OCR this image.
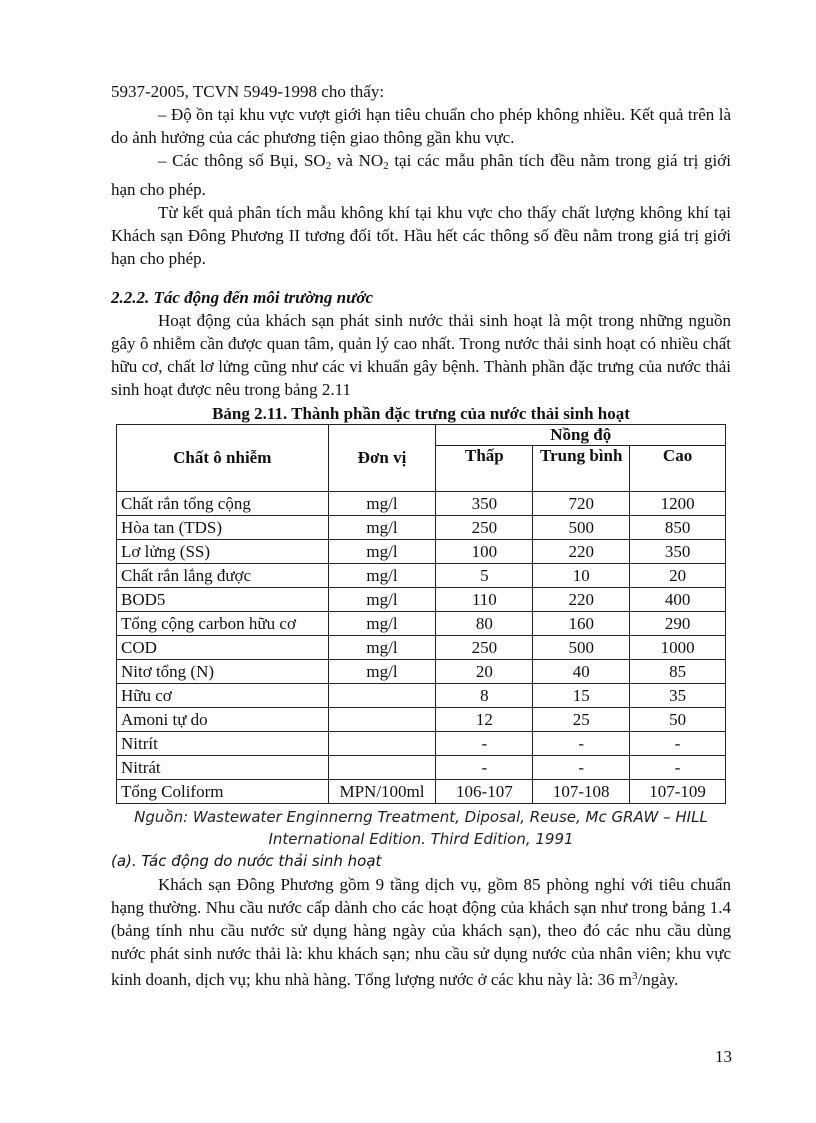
5937-2005, TCVN 5949-1998 cho thấy:

– Độ ồn tại khu vực vượt giới hạn tiêu chuẩn cho phép không nhiều. Kết quả trên là do ảnh hưởng của các phương tiện giao thông gần khu vực.

– Các thông số Bụi, $SO_2$ và $NO_2$ tại các mẫu phân tích đều nằm trong giá trị giới hạn cho phép.

Từ kết quả phân tích mẫu không khí tại khu vực cho thấy chất lượng không khí tại Khách sạn Đông Phương II tương đối tốt. Hầu hết các thông số đều nằm trong giá trị giới hạn cho phép.

2.2.2. Tác động đến môi trường nước

Hoạt động của khách sạn phát sinh nước thải sinh hoạt là một trong những nguồn gây ô nhiễm cần được quan tâm, quản lý cao nhất. Trong nước thải sinh hoạt có nhiều chất hữu cơ, chất lơ lửng cũng như các vi khuẩn gây bệnh. Thành phần đặc trưng của nước thải sinh hoạt được nêu trong bảng 2.11

Bảng 2.11. Thành phần đặc trưng của nước thải sinh hoạt

Chất ô nhiễm	Đơn vị	Nồng độ		
		Thấp	Trung bình	Cao
Chất rắn tổng cộng	mg/l	350	720	1200
Hòa tan (TDS)	mg/l	250	500	850
Lơ lửng (SS)	mg/l	100	220	350
Chất rắn lắng được	mg/l	5	10	20
BOD5	mg/l	110	220	400
Tổng cộng carbon hữu cơ	mg/l	80	160	290
COD	mg/l	250	500	1000
Nitơ tổng (N)	mg/l	20	40	85
Hữu cơ		8	15	35
Amoni tự do		12	25	50
Nitrít		-	-	-
Nitrát		-	-	-
Tổng Coliform	MPN/100ml	106-107	107-108	107-109
Nguồn: Wastewater Enginnerng Treatment, Diposal, Reuse, Mc GRAW – HILL
International Edition. Third Edition, 1991

(a). Tác động do nước thải sinh hoạt

Khách sạn Đông Phương gồm 9 tầng dịch vụ, gồm 85 phòng nghỉ với tiêu chuẩn hạng thường. Nhu cầu nước cấp dành cho các hoạt động của khách sạn như trong bảng 1.4 (bảng tính nhu cầu nước sử dụng hàng ngày của khách sạn), theo đó các nhu cầu dùng nước phát sinh nước thải là: khu khách sạn; nhu cầu sử dụng nước của nhân viên; khu vực kinh doanh, dịch vụ; khu nhà hàng. Tổng lượng nước ở các khu này là: 36 $m^3$/ngày.

13
